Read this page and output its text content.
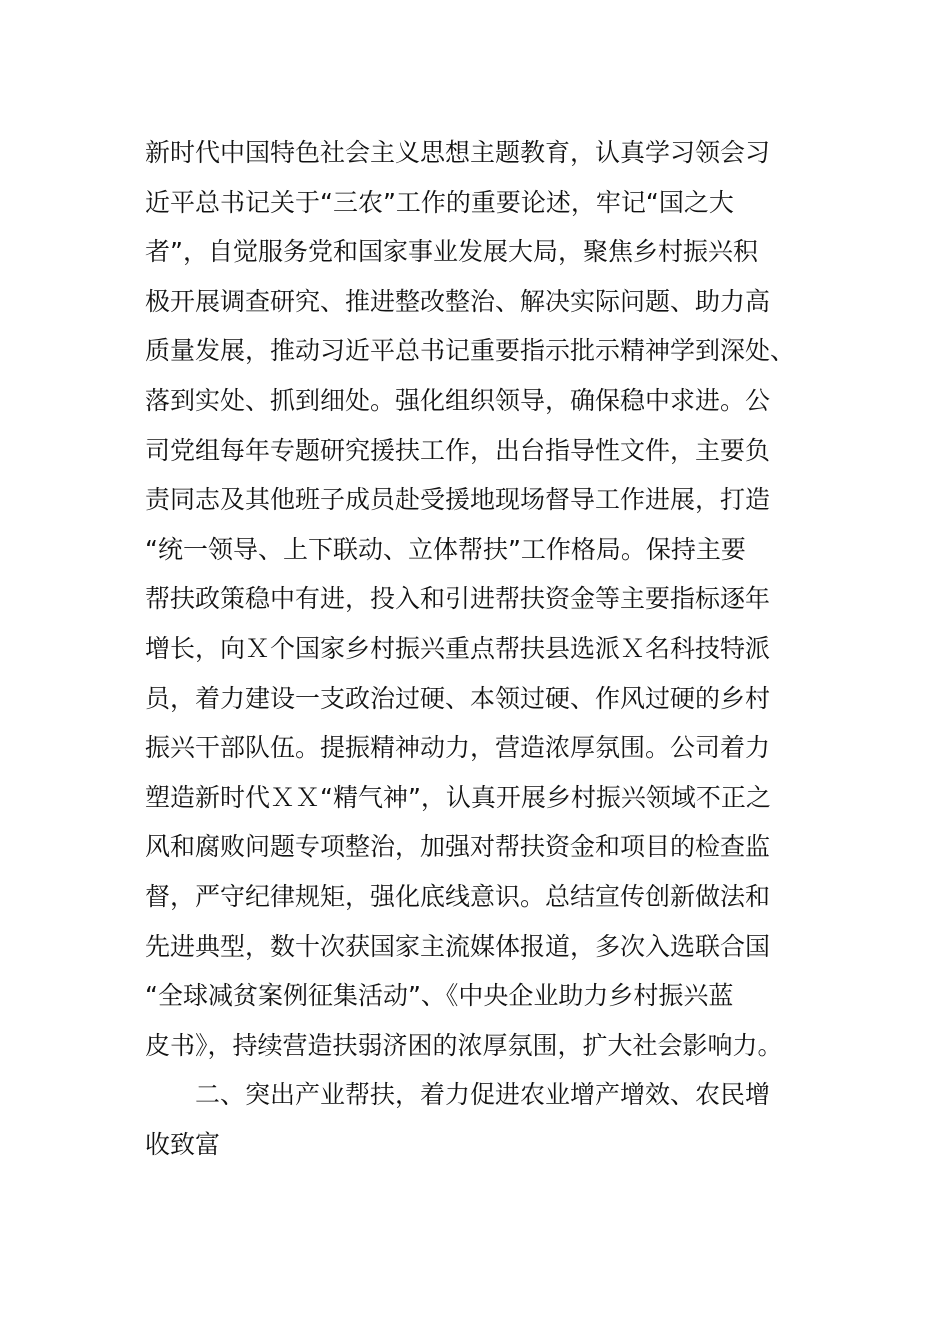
新时代中国特色社会主义思想主题教育，认真学习领会习
近平总书记关于“三农”工作的重要论述，牢记“国之大
者”，自觉服务党和国家事业发展大局，聚焦乡村振兴积
极开展调查研究、推进整改整治、解决实际问题、助力高
质量发展，推动习近平总书记重要指示批示精神学到深处、
落到实处、抓到细处。强化组织领导，确保稳中求进。公
司党组每年专题研究援扶工作，出台指导性文件，主要负
责同志及其他班子成员赴受援地现场督导工作进展，打造
“统一领导、上下联动、立体帮扶”工作格局。保持主要
帮扶政策稳中有进，投入和引进帮扶资金等主要指标逐年
增长，向Ｘ个国家乡村振兴重点帮扶县选派Ｘ名科技特派
员，着力建设一支政治过硬、本领过硬、作风过硬的乡村
振兴干部队伍。提振精神动力，营造浓厚氛围。公司着力
塑造新时代ＸＸ“精气神”，认真开展乡村振兴领域不正之
风和腐败问题专项整治，加强对帮扶资金和项目的检查监
督，严守纪律规矩，强化底线意识。总结宣传创新做法和
先进典型，数十次获国家主流媒体报道，多次入选联合国
“全球减贫案例征集活动”、《中央企业助力乡村振兴蓝
皮书》，持续营造扶弱济困的浓厚氛围，扩大社会影响力。
二、突出产业帮扶，着力促进农业增产增效、农民增
收致富
